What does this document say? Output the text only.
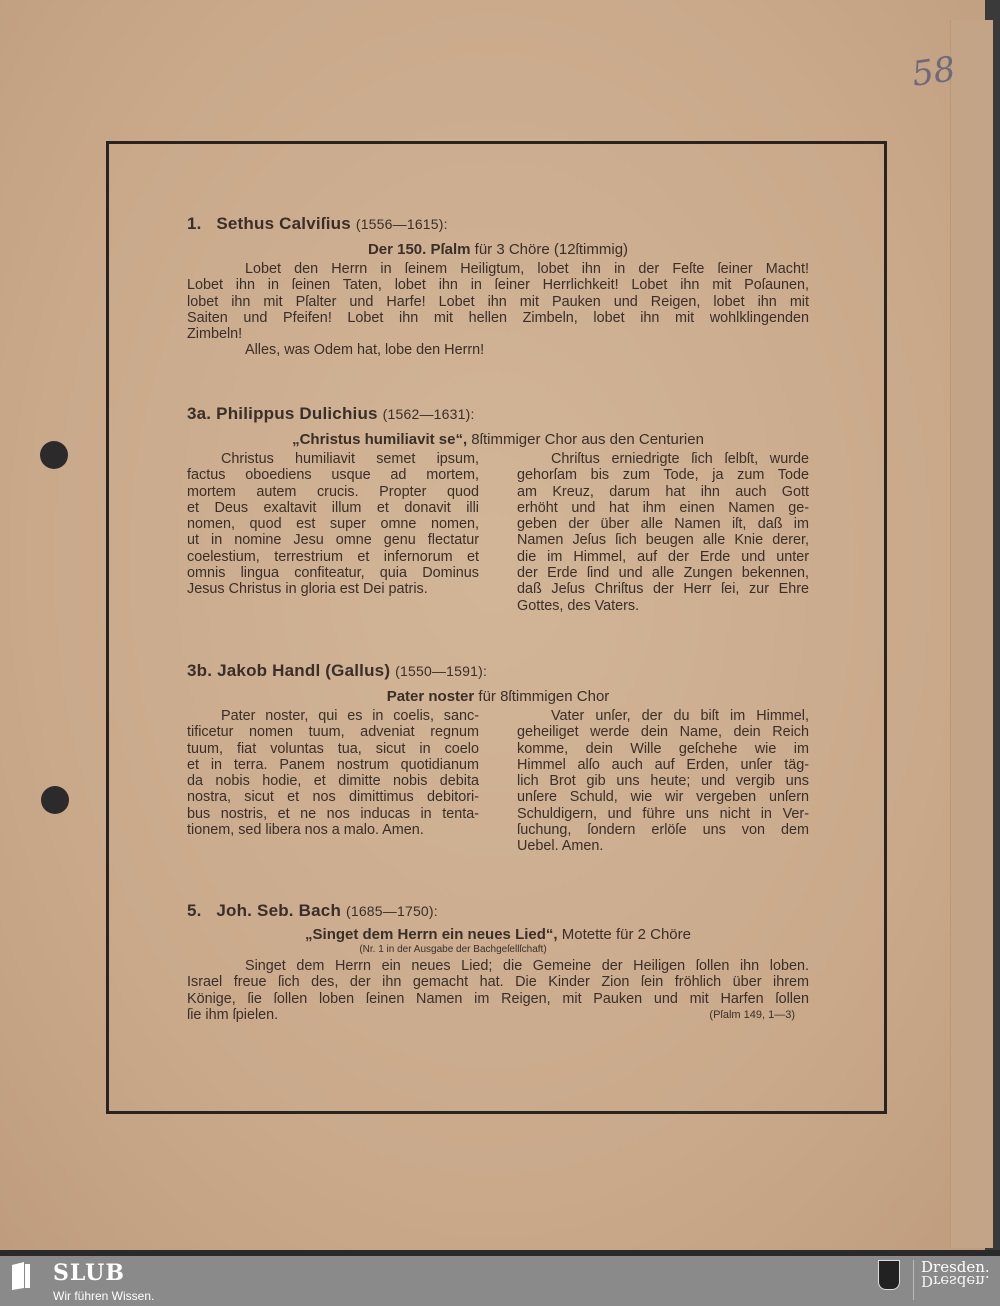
58
1. Sethus Calviſius (1556—1615):
Der 150. Pſalm für 3 Chöre (12ſtimmig)
Lobet den Herrn in ſeinem Heiligtum, lobet ihn in der Feſte ſeiner Macht!
Lobet ihn in ſeinen Taten, lobet ihn in ſeiner Herrlichkeit! Lobet ihn mit Poſaunen,
lobet ihn mit Pſalter und Harfe! Lobet ihn mit Pauken und Reigen, lobet ihn mit
Saiten und Pfeifen! Lobet ihn mit hellen Zimbeln, lobet ihn mit wohlklingenden
Zimbeln!
Alles, was Odem hat, lobe den Herrn!
3a. Philippus Dulichius (1562—1631):
„Christus humiliavit se“, 8ſtimmiger Chor aus den Centurien
Christus humiliavit semet ipsum,
factus oboediens usque ad mortem,
mortem autem crucis. Propter quod
et Deus exaltavit illum et donavit illi
nomen, quod est super omne nomen,
ut in nomine Jesu omne genu flectatur
coelestium, terrestrium et infernorum et
omnis lingua confiteatur, quia Dominus
Jesus Christus in gloria est Dei patris.
Chriſtus erniedrigte ſich ſelbſt, wurde
gehorſam bis zum Tode, ja zum Tode
am Kreuz, darum hat ihn auch Gott
erhöht und hat ihm einen Namen ge-
geben der über alle Namen iſt, daß im
Namen Jeſus ſich beugen alle Knie derer,
die im Himmel, auf der Erde und unter
der Erde ſind und alle Zungen bekennen,
daß Jeſus Chriſtus der Herr ſei, zur Ehre
Gottes, des Vaters.
3b. Jakob Handl (Gallus) (1550—1591):
Pater noster für 8ſtimmigen Chor
Pater noster, qui es in coelis, sanc-
tificetur nomen tuum, adveniat regnum
tuum, fiat voluntas tua, sicut in coelo
et in terra. Panem nostrum quotidianum
da nobis hodie, et dimitte nobis debita
nostra, sicut et nos dimittimus debitori-
bus nostris, et ne nos inducas in tenta-
tionem, sed libera nos a malo. Amen.
Vater unſer, der du biſt im Himmel,
geheiliget werde dein Name, dein Reich
komme, dein Wille geſchehe wie im
Himmel alſo auch auf Erden, unſer täg-
lich Brot gib uns heute; und vergib uns
unſere Schuld, wie wir vergeben unſern
Schuldigern, und führe uns nicht in Ver-
ſuchung, ſondern erlöſe uns von dem
Uebel. Amen.
5. Joh. Seb. Bach (1685—1750):
„Singet dem Herrn ein neues Lied“, Motette für 2 Chöre
(Nr. 1 in der Ausgabe der Bachgeſellſchaft)
Singet dem Herrn ein neues Lied; die Gemeine der Heiligen ſollen ihn loben.
Israel freue ſich des, der ihn gemacht hat. Die Kinder Zion ſein fröhlich über ihrem
Könige, ſie ſollen loben ſeinen Namen im Reigen, mit Pauken und mit Harfen ſollen
ſie ihm ſpielen.	(Pſalm 149, 1—3)
SLUB
Wir führen Wissen.
Dresden.
Dresden.
